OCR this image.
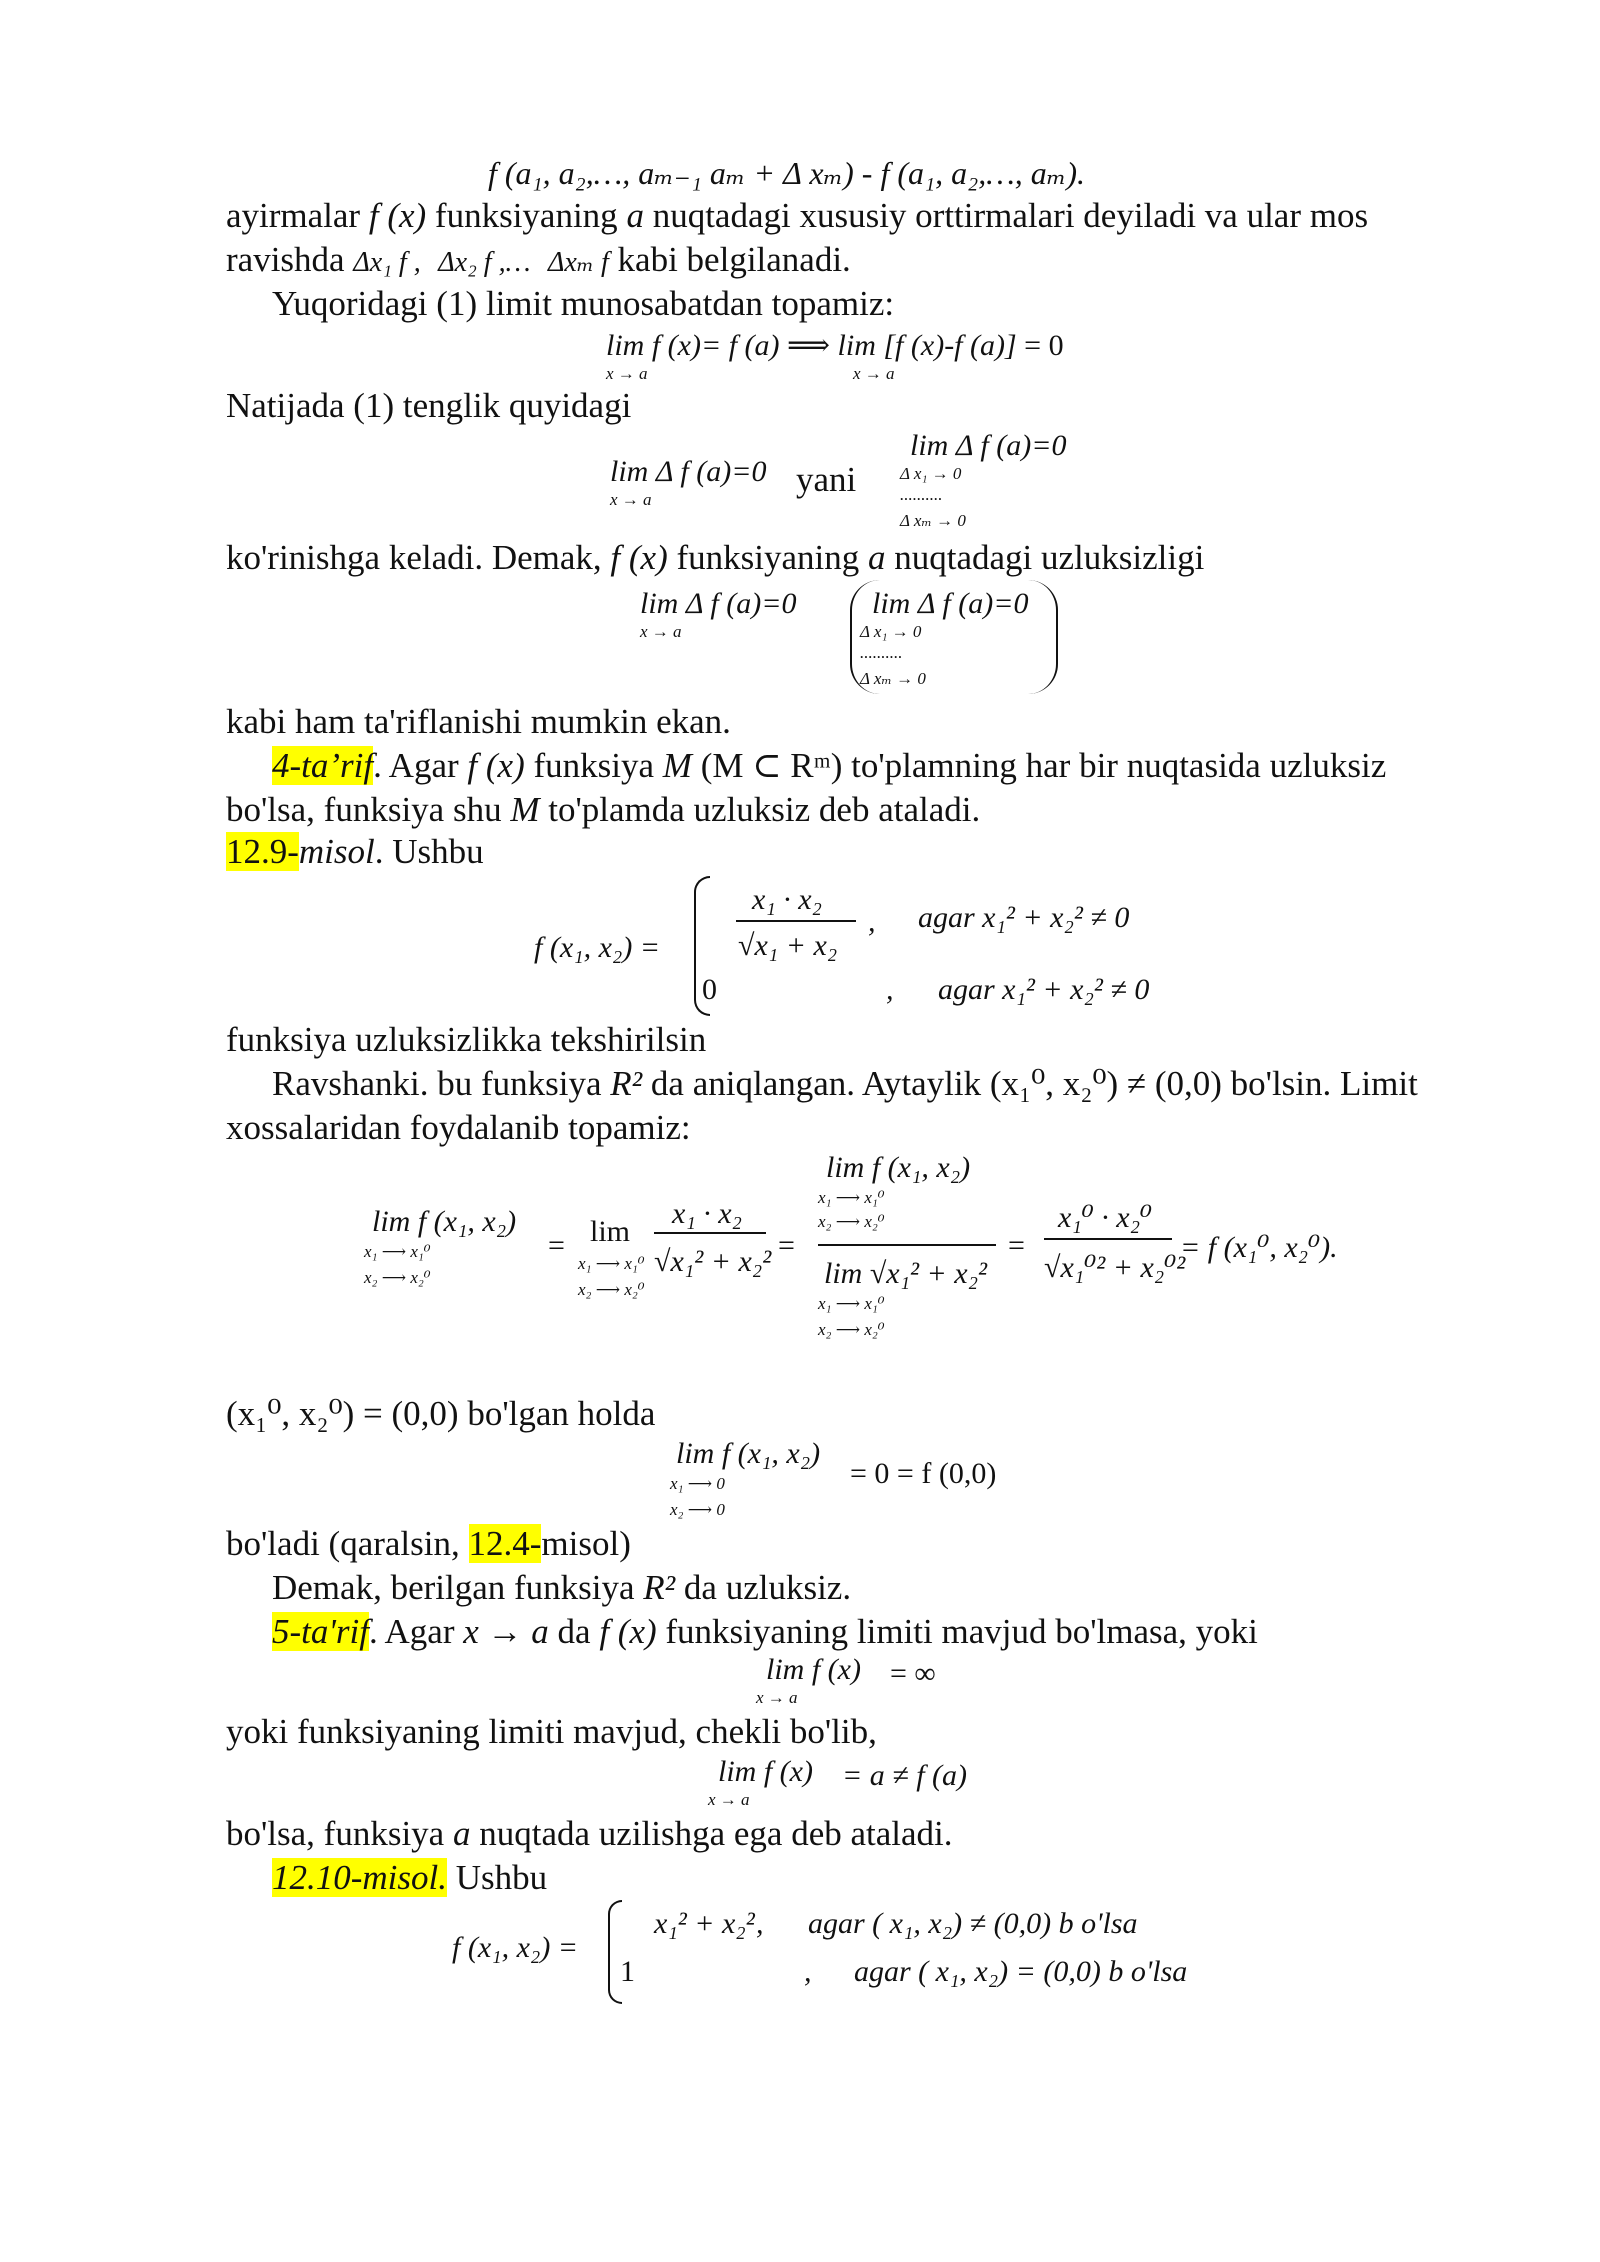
f (a₁, a₂,…, aₘ₋₁ aₘ + Δ xₘ) - f (a₁, a₂,…, aₘ).
ayirmalar f (x) funksiyaning a nuqtadagi xususiy orttirmalari deyiladi va ular mos
ravishda Δx₁ f , Δx₂ f ,… Δxₘ f kabi belgilanadi.
Yuqoridagi (1) limit munosabatdan topamiz:
lim f (x)= f (a) ⟹ lim [f (x)-f (a)] = 0
x → a	x → a
Natijada (1) tenglik quyidagi
lim Δ f (a)=0
x → a
yani
lim Δ f (a)=0
Δ x₁ → 0
..........
Δ xₘ → 0
ko'rinishga keladi. Demak, f (x) funksiyaning a nuqtadagi uzluksizligi
lim Δ f (a)=0
x → a
lim Δ f (a)=0
Δ x₁ → 0
..........
Δ xₘ → 0
kabi ham ta'riflanishi mumkin ekan.
4-ta’rif. Agar f (x) funksiya M (M ⊂ Rᵐ) to'plamning har bir nuqtasida uzluksiz
bo'lsa, funksiya shu M to'plamda uzluksiz deb ataladi.
12.9-misol. Ushbu
f (x₁, x₂) =
x₁ · x₂
√x₁ + x₂
, agar x₁² + x₂² ≠ 0
0	, agar x₁² + x₂² ≠ 0
funksiya uzluksizlikka tekshirilsin
Ravshanki. bu funksiya R² da aniqlangan. Aytaylik (x₁⁰, x₂⁰) ≠ (0,0) bo'lsin. Limit
xossalaridan foydalanib topamiz:
lim f (x₁, x₂)
x₁ ⟶ x₁⁰
x₂ ⟶ x₂⁰
lim f (x₁, x₂)
x₁ ⟶ x₁⁰
x₂ ⟶ x₂⁰
= lim
x₁ ⟶ x₁⁰
x₂ ⟶ x₂⁰
x₁ · x₂
√x₁² + x₂² =
lim √x₁² + x₂²
x₁ ⟶ x₁⁰
x₂ ⟶ x₂⁰
=
x₁⁰ · x₂⁰
√x₁⁰² + x₂⁰²
= f (x₁⁰, x₂⁰).
(x₁⁰, x₂⁰) = (0,0) bo'lgan holda
lim f (x₁, x₂)
x₁ ⟶ 0
x₂ ⟶ 0
= 0 = f (0,0)
bo'ladi (qaralsin, 12.4-misol)
Demak, berilgan funksiya R² da uzluksiz.
5-ta'rif. Agar x → a da f (x) funksiyaning limiti mavjud bo'lmasa, yoki
lim f (x) = ∞
x → a
yoki funksiyaning limiti mavjud, chekli bo'lib,
lim f (x) = a ≠ f (a)
x → a
bo'lsa, funksiya a nuqtada uzilishga ega deb ataladi.
12.10-misol. Ushbu
f (x₁, x₂) =
x₁² + x₂² , agar ( x₁, x₂) ≠ (0,0) b o'lsa
1	, agar ( x₁, x₂) = (0,0) b o'lsa
